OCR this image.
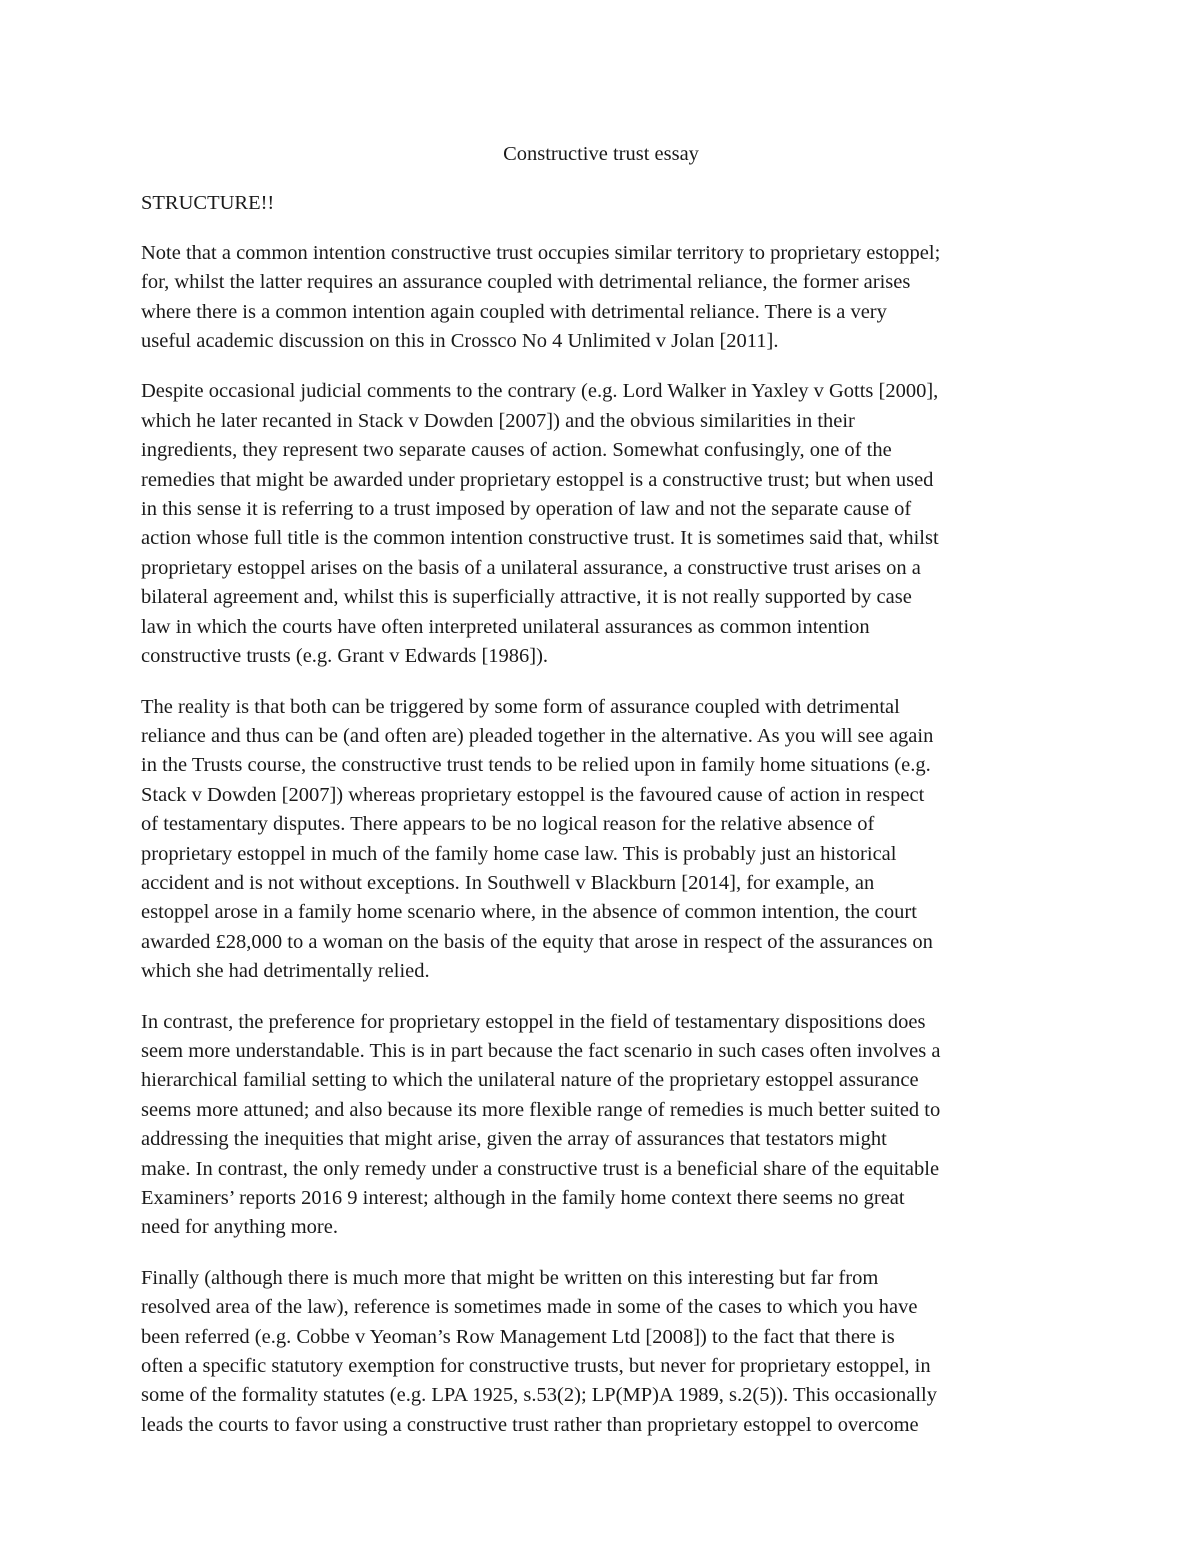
Constructive trust essay
STRUCTURE!!
Note that a common intention constructive trust occupies similar territory to proprietary estoppel;
for, whilst the latter requires an assurance coupled with detrimental reliance, the former arises
where there is a common intention again coupled with detrimental reliance. There is a very
useful academic discussion on this in Crossco No 4 Unlimited v Jolan [2011].
Despite occasional judicial comments to the contrary (e.g. Lord Walker in Yaxley v Gotts [2000],
which he later recanted in Stack v Dowden [2007]) and the obvious similarities in their
ingredients, they represent two separate causes of action. Somewhat confusingly, one of the
remedies that might be awarded under proprietary estoppel is a constructive trust; but when used
in this sense it is referring to a trust imposed by operation of law and not the separate cause of
action whose full title is the common intention constructive trust. It is sometimes said that, whilst
proprietary estoppel arises on the basis of a unilateral assurance, a constructive trust arises on a
bilateral agreement and, whilst this is superficially attractive, it is not really supported by case
law in which the courts have often interpreted unilateral assurances as common intention
constructive trusts (e.g. Grant v Edwards [1986]).
The reality is that both can be triggered by some form of assurance coupled with detrimental
reliance and thus can be (and often are) pleaded together in the alternative. As you will see again
in the Trusts course, the constructive trust tends to be relied upon in family home situations (e.g.
Stack v Dowden [2007]) whereas proprietary estoppel is the favoured cause of action in respect
of testamentary disputes. There appears to be no logical reason for the relative absence of
proprietary estoppel in much of the family home case law. This is probably just an historical
accident and is not without exceptions. In Southwell v Blackburn [2014], for example, an
estoppel arose in a family home scenario where, in the absence of common intention, the court
awarded £28,000 to a woman on the basis of the equity that arose in respect of the assurances on
which she had detrimentally relied.
In contrast, the preference for proprietary estoppel in the field of testamentary dispositions does
seem more understandable. This is in part because the fact scenario in such cases often involves a
hierarchical familial setting to which the unilateral nature of the proprietary estoppel assurance
seems more attuned; and also because its more flexible range of remedies is much better suited to
addressing the inequities that might arise, given the array of assurances that testators might
make. In contrast, the only remedy under a constructive trust is a beneficial share of the equitable
Examiners’ reports 2016 9 interest; although in the family home context there seems no great
need for anything more.
Finally (although there is much more that might be written on this interesting but far from
resolved area of the law), reference is sometimes made in some of the cases to which you have
been referred (e.g. Cobbe v Yeoman’s Row Management Ltd [2008]) to the fact that there is
often a specific statutory exemption for constructive trusts, but never for proprietary estoppel, in
some of the formality statutes (e.g. LPA 1925, s.53(2); LP(MP)A 1989, s.2(5)). This occasionally
leads the courts to favor using a constructive trust rather than proprietary estoppel to overcome
